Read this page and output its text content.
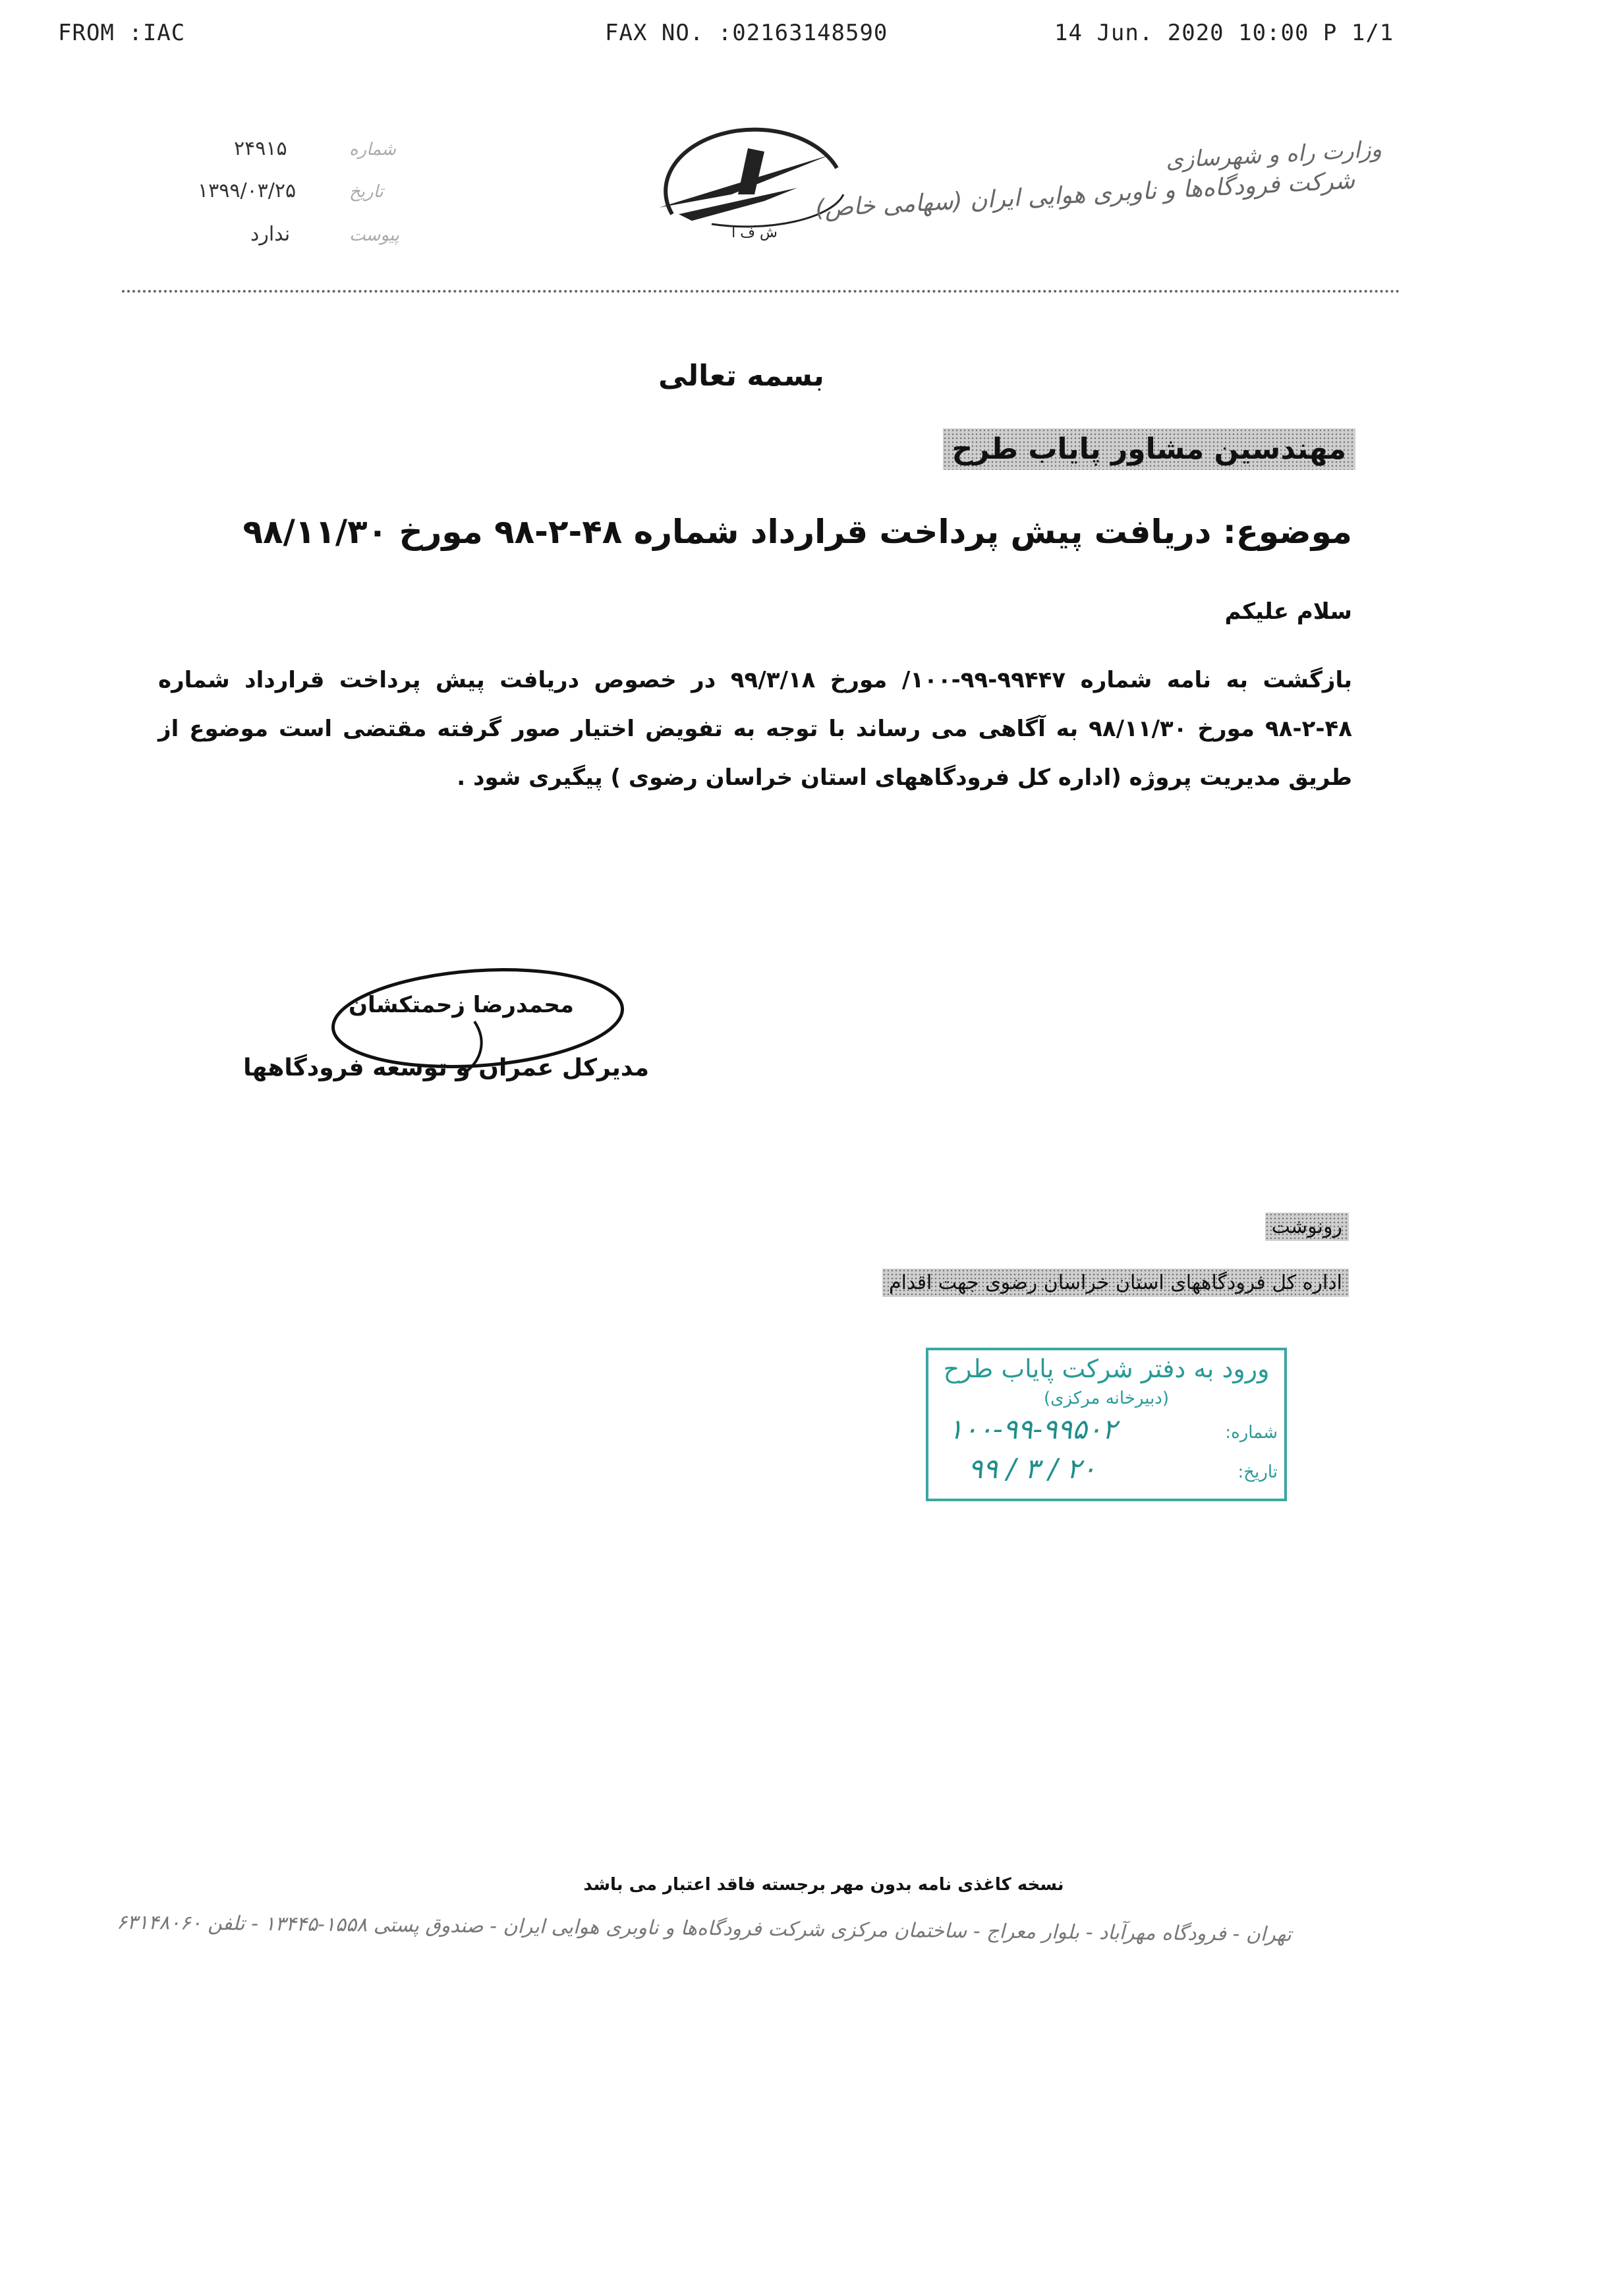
FROM :IAC	FAX NO. :02163148590	14 Jun. 2020 10:00 P 1/1
۲۴۹۱۵	شماره
۱۳۹۹/۰۳/۲۵	تاریخ
ندارد	پیوست	ش ف ا
وزارت راه و شهرسازی
شرکت فرودگاه‌ها و ناوبری هوایی ایران (سهامی خاص)
بسمه تعالی
مهندسین مشاور پایاب طرح
موضوع: دریافت پیش پرداخت قرارداد شماره ۴۸-۲-۹۸ مورخ ۹۸/۱۱/۳۰
سلام علیکم
بازگشت به نامه شماره ۹۹۴۴۷-۹۹-۱۰۰/ مورخ ۹۹/۳/۱۸ در خصوص دریافت پیش پرداخت قرارداد شماره ۴۸-۲-۹۸ مورخ ۹۸/۱۱/۳۰ به آگاهی می رساند با توجه به تفویض اختیار صور گرفته مقتضی است موضوع از طریق مدیریت پروژه (اداره کل فرودگاههای استان خراسان رضوی ) پیگیری شود .
محمدرضا زحمتکشان
مدیرکل عمران و توسعه فرودگاهها
رونوشت
اداره کل فرودگاههای استان خراسان رضوی جهت اقدام
ورود به دفتر شرکت پایاب طرح
(دبیرخانه مرکزی)
شماره:
۱۰۰-۹۹-۹۹۵۰۲
تاریخ:
۹۹ / ۳ / ۲۰
نسخه کاغذی نامه بدون مهر برجسته فاقد اعتبار می باشد
تهران - فرودگاه مهرآباد - بلوار معراج - ساختمان مرکزی شرکت فرودگاه‌ها و ناوبری هوایی ایران - صندوق پستی ۱۵۵۸-۱۳۴۴۵ - تلفن ۶۳۱۴۸۰۶۰
